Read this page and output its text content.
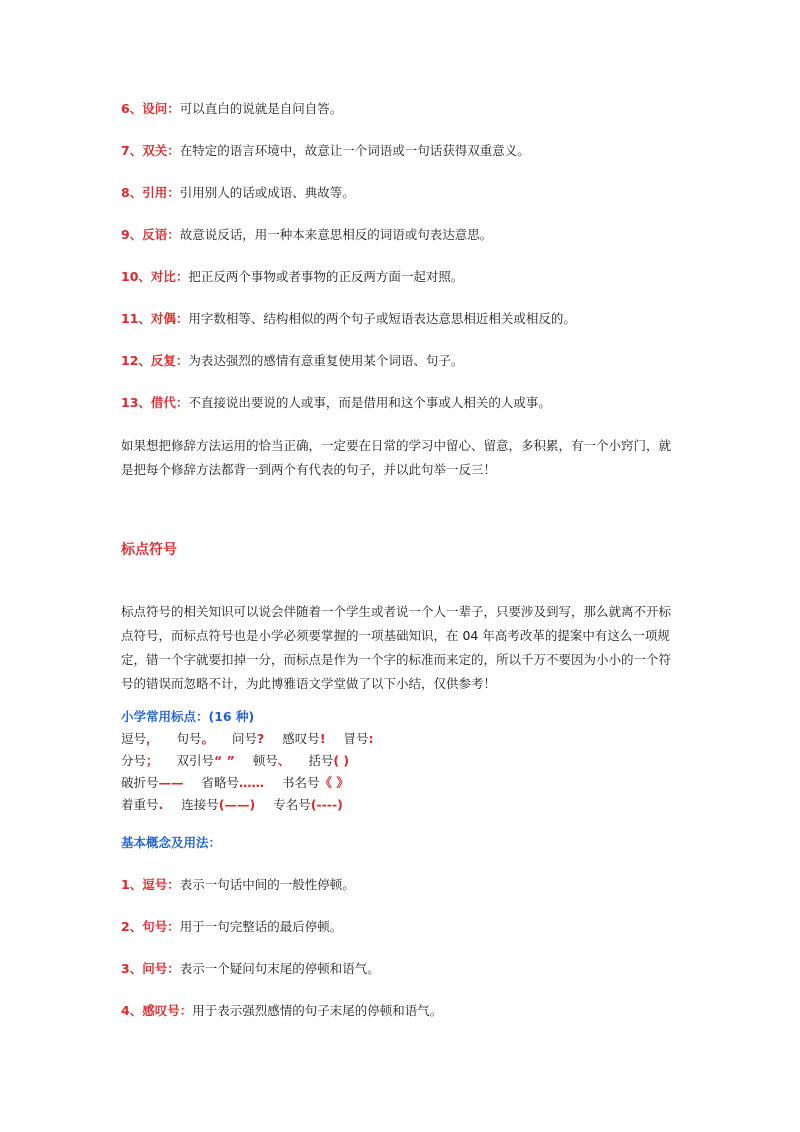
6、设问：可以直白的说就是自问自答。
7、双关：在特定的语言环境中，故意让一个词语或一句话获得双重意义。
8、引用：引用别人的话或成语、典故等。
9、反语：故意说反话，用一种本来意思相反的词语或句表达意思。
10、对比：把正反两个事物或者事物的正反两方面一起对照。
11、对偶：用字数相等、结构相似的两个句子或短语表达意思相近相关或相反的。
12、反复：为表达强烈的感情有意重复使用某个词语、句子。
13、借代：不直接说出要说的人或事，而是借用和这个事或人相关的人或事。
如果想把修辞方法运用的恰当正确，一定要在日常的学习中留心、留意，多积累，有一个小窍门，就
是把每个修辞方法都背一到两个有代表的句子，并以此句举一反三！
标点符号
标点符号的相关知识可以说会伴随着一个学生或者说一个人一辈子，只要涉及到写，那么就离不开标
点符号，而标点符号也是小学必须要掌握的一项基础知识，在 04 年高考改革的提案中有这么一项规
定，错一个字就要扣掉一分，而标点是作为一个字的标准而来定的，所以千万不要因为小小的一个符
号的错误而忽略不计，为此博雅语文学堂做了以下小结，仅供参考！
小学常用标点：(16 种)
逗号， 句号。 问号? 感叹号! 冒号:
分号； 双引号“ ” 顿号、 括号( )
破折号—— 省略号…… 书名号《 》
着重号. 连接号(——) 专名号(----)
基本概念及用法：
1、逗号：表示一句话中间的一般性停顿。
2、句号：用于一句完整话的最后停顿。
3、问号：表示一个疑问句末尾的停顿和语气。
4、感叹号：用于表示强烈感情的句子末尾的停顿和语气。
